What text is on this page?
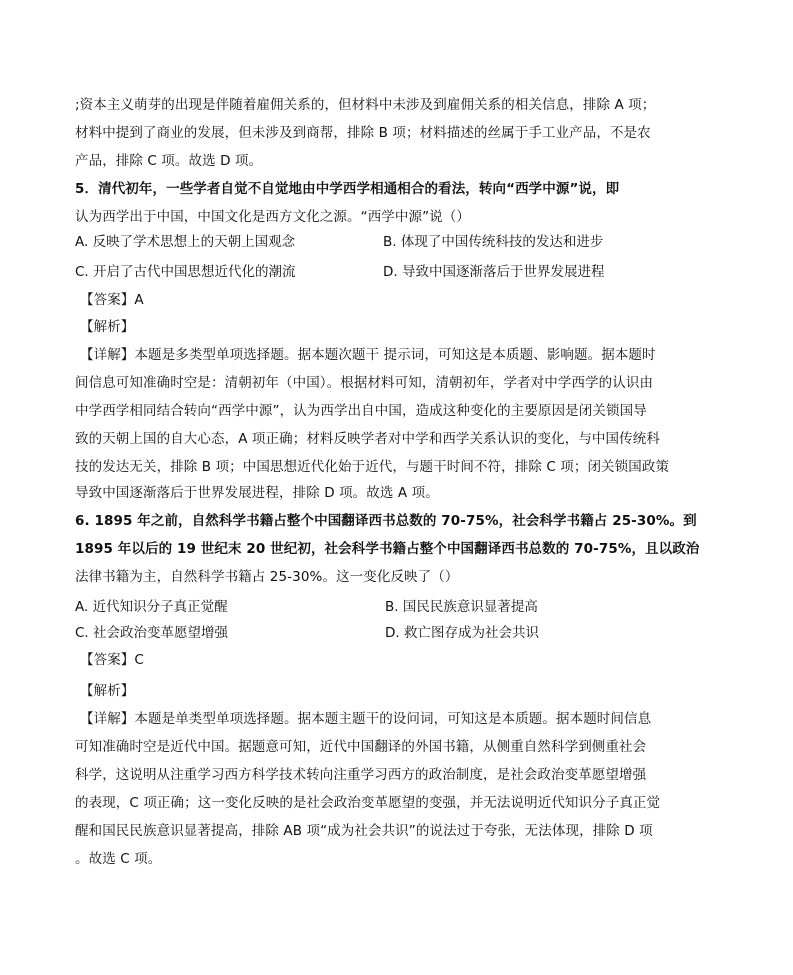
;资本主义萌芽的出现是伴随着雇佣关系的，但材料中未涉及到雇佣关系的相关信息，排除 A 项；
材料中提到了商业的发展，但未涉及到商帮，排除 B 项；材料描述的丝属于手工业产品，不是农
产品，排除 C 项。故选 D 项。
5．清代初年，一些学者自觉不自觉地由中学西学相通相合的看法，转向“西学中源”说，即
认为西学出于中国，中国文化是西方文化之源。“西学中源”说（）
A. 反映了学术思想上的天朝上国观念	B. 体现了中国传统科技的发达和进步
C. 开启了古代中国思想近代化的潮流	D. 导致中国逐渐落后于世界发展进程
【答案】A
【解析】
【详解】本题是多类型单项选择题。据本题次题干 提示词，可知这是本质题、影响题。据本题时
间信息可知准确时空是：清朝初年（中国）。根据材料可知，清朝初年，学者对中学西学的认识由
中学西学相同结合转向“西学中源”，认为西学出自中国，造成这种变化的主要原因是闭关锁国导
致的天朝上国的自大心态，A 项正确；材料反映学者对中学和西学关系认识的变化，与中国传统科
技的发达无关，排除 B 项；中国思想近代化始于近代，与题干时间不符，排除 C 项；闭关锁国政策
导致中国逐渐落后于世界发展进程，排除 D 项。故选 A 项。
6. 1895 年之前，自然科学书籍占整个中国翻译西书总数的 70-75%，社会科学书籍占 25-30%。到
1895 年以后的 19 世纪末 20 世纪初，社会科学书籍占整个中国翻译西书总数的 70-75%，且以政治
法律书籍为主，自然科学书籍占 25-30%。这一变化反映了（）
A. 近代知识分子真正觉醒	B. 国民民族意识显著提高
C. 社会政治变革愿望增强	D. 救亡图存成为社会共识
【答案】C
【解析】
【详解】本题是单类型单项选择题。据本题主题干的设问词，可知这是本质题。据本题时间信息
可知准确时空是近代中国。据题意可知，近代中国翻译的外国书籍，从侧重自然科学到侧重社会
科学，这说明从注重学习西方科学技术转向注重学习西方的政治制度，是社会政治变革愿望增强
的表现，C 项正确；这一变化反映的是社会政治变革愿望的变强，并无法说明近代知识分子真正觉
醒和国民民族意识显著提高，排除 AB 项“成为社会共识”的说法过于夸张，无法体现，排除 D 项
。故选 C 项。
